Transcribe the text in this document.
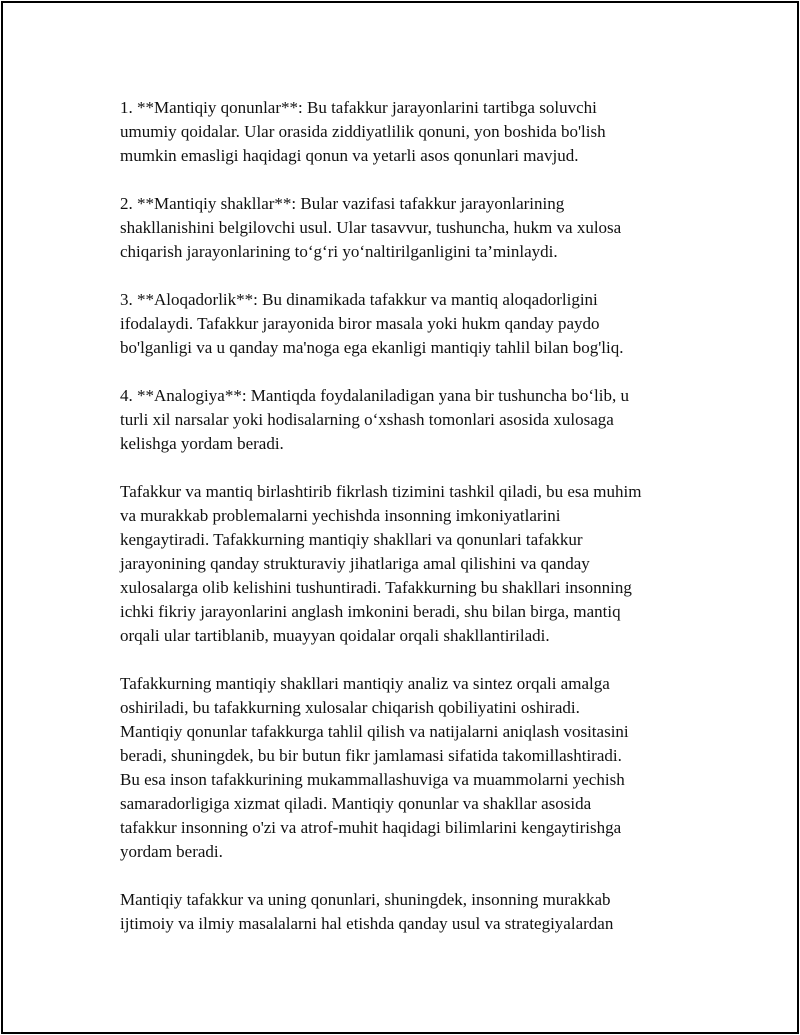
1. **Mantiqiy qonunlar**: Bu tafakkur jarayonlarini tartibga soluvchi
umumiy qoidalar. Ular orasida ziddiyatlilik qonuni, yon boshida bo'lish
mumkin emasligi haqidagi qonun va yetarli asos qonunlari mavjud.

2. **Mantiqiy shakllar**: Bular vazifasi tafakkur jarayonlarining
shakllanishini belgilovchi usul. Ular tasavvur, tushuncha, hukm va xulosa
chiqarish jarayonlarining to‘g‘ri yo‘naltirilganligini ta’minlaydi.

3. **Aloqadorlik**: Bu dinamikada tafakkur va mantiq aloqadorligini
ifodalaydi. Tafakkur jarayonida biror masala yoki hukm qanday paydo
bo'lganligi va u qanday ma'noga ega ekanligi mantiqiy tahlil bilan bog'liq.

4. **Analogiya**: Mantiqda foydalaniladigan yana bir tushuncha bo‘lib, u
turli xil narsalar yoki hodisalarning o‘xshash tomonlari asosida xulosaga
kelishga yordam beradi.

Tafakkur va mantiq birlashtirib fikrlash tizimini tashkil qiladi, bu esa muhim
va murakkab problemalarni yechishda insonning imkoniyatlarini
kengaytiradi. Tafakkurning mantiqiy shakllari va qonunlari tafakkur
jarayonining qanday strukturaviy jihatlariga amal qilishini va qanday
xulosalarga olib kelishini tushuntiradi. Tafakkurning bu shakllari insonning
ichki fikriy jarayonlarini anglash imkonini beradi, shu bilan birga, mantiq
orqali ular tartiblanib, muayyan qoidalar orqali shakllantiriladi.

Tafakkurning mantiqiy shakllari mantiqiy analiz va sintez orqali amalga
oshiriladi, bu tafakkurning xulosalar chiqarish qobiliyatini oshiradi.
Mantiqiy qonunlar tafakkurga tahlil qilish va natijalarni aniqlash vositasini
beradi, shuningdek, bu bir butun fikr jamlamasi sifatida takomillashtiradi.
Bu esa inson tafakkurining mukammallashuviga va muammolarni yechish
samaradorligiga xizmat qiladi. Mantiqiy qonunlar va shakllar asosida
tafakkur insonning o'zi va atrof-muhit haqidagi bilimlarini kengaytirishga
yordam beradi.

Mantiqiy tafakkur va uning qonunlari, shuningdek, insonning murakkab
ijtimoiy va ilmiy masalalarni hal etishda qanday usul va strategiyalardan
